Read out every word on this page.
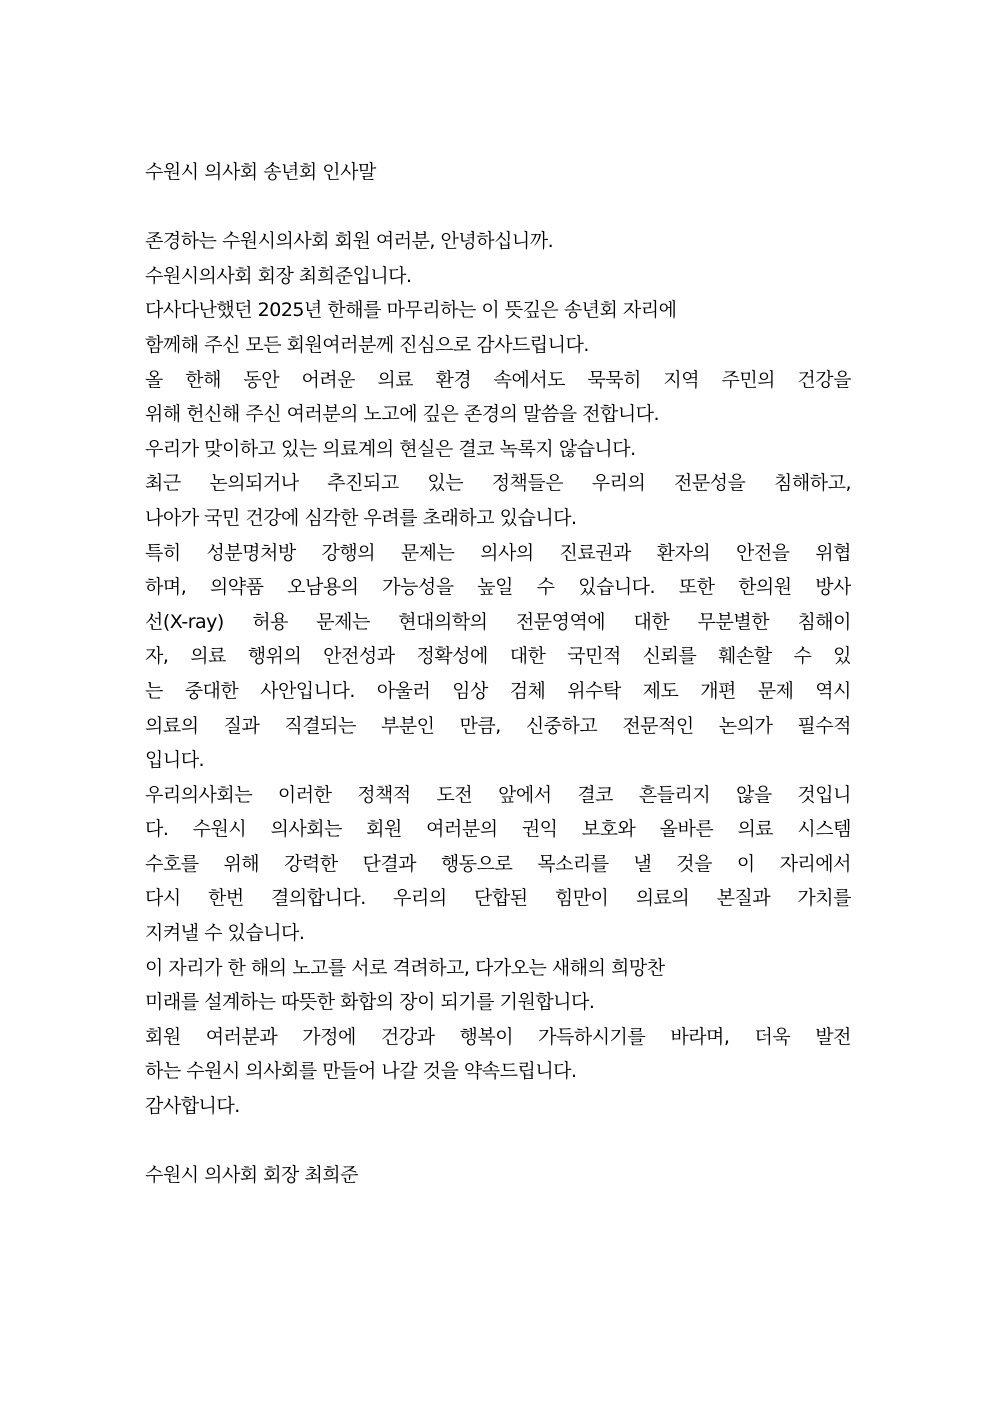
수원시 의사회 송년회 인사말
존경하는 수원시의사회 회원 여러분, 안녕하십니까.
수원시의사회 회장 최희준입니다.
다사다난했던 2025년 한해를 마무리하는 이 뜻깊은 송년회 자리에
함께해 주신 모든 회원여러분께 진심으로 감사드립니다.
올 한해 동안 어려운 의료 환경 속에서도 묵묵히 지역 주민의 건강을
위해 헌신해 주신 여러분의 노고에 깊은 존경의 말씀을 전합니다.
우리가 맞이하고 있는 의료계의 현실은 결코 녹록지 않습니다.
최근 논의되거나 추진되고 있는 정책들은 우리의 전문성을 침해하고,
나아가 국민 건강에 심각한 우려를 초래하고 있습니다.
특히 성분명처방 강행의 문제는 의사의 진료권과 환자의 안전을 위협
하며, 의약품 오남용의 가능성을 높일 수 있습니다. 또한 한의원 방사
선(X-ray) 허용 문제는 현대의학의 전문영역에 대한 무분별한 침해이
자, 의료 행위의 안전성과 정확성에 대한 국민적 신뢰를 훼손할 수 있
는 중대한 사안입니다. 아울러 임상 검체 위수탁 제도 개편 문제 역시
의료의 질과 직결되는 부분인 만큼, 신중하고 전문적인 논의가 필수적
입니다.
우리의사회는 이러한 정책적 도전 앞에서 결코 흔들리지 않을 것입니
다. 수원시 의사회는 회원 여러분의 권익 보호와 올바른 의료 시스템
수호를 위해 강력한 단결과 행동으로 목소리를 낼 것을 이 자리에서
다시 한번 결의합니다. 우리의 단합된 힘만이 의료의 본질과 가치를
지켜낼 수 있습니다.
이 자리가 한 해의 노고를 서로 격려하고, 다가오는 새해의 희망찬
미래를 설계하는 따뜻한 화합의 장이 되기를 기원합니다.
회원 여러분과 가정에 건강과 행복이 가득하시기를 바라며, 더욱 발전
하는 수원시 의사회를 만들어 나갈 것을 약속드립니다.
감사합니다.
수원시 의사회 회장 최희준
